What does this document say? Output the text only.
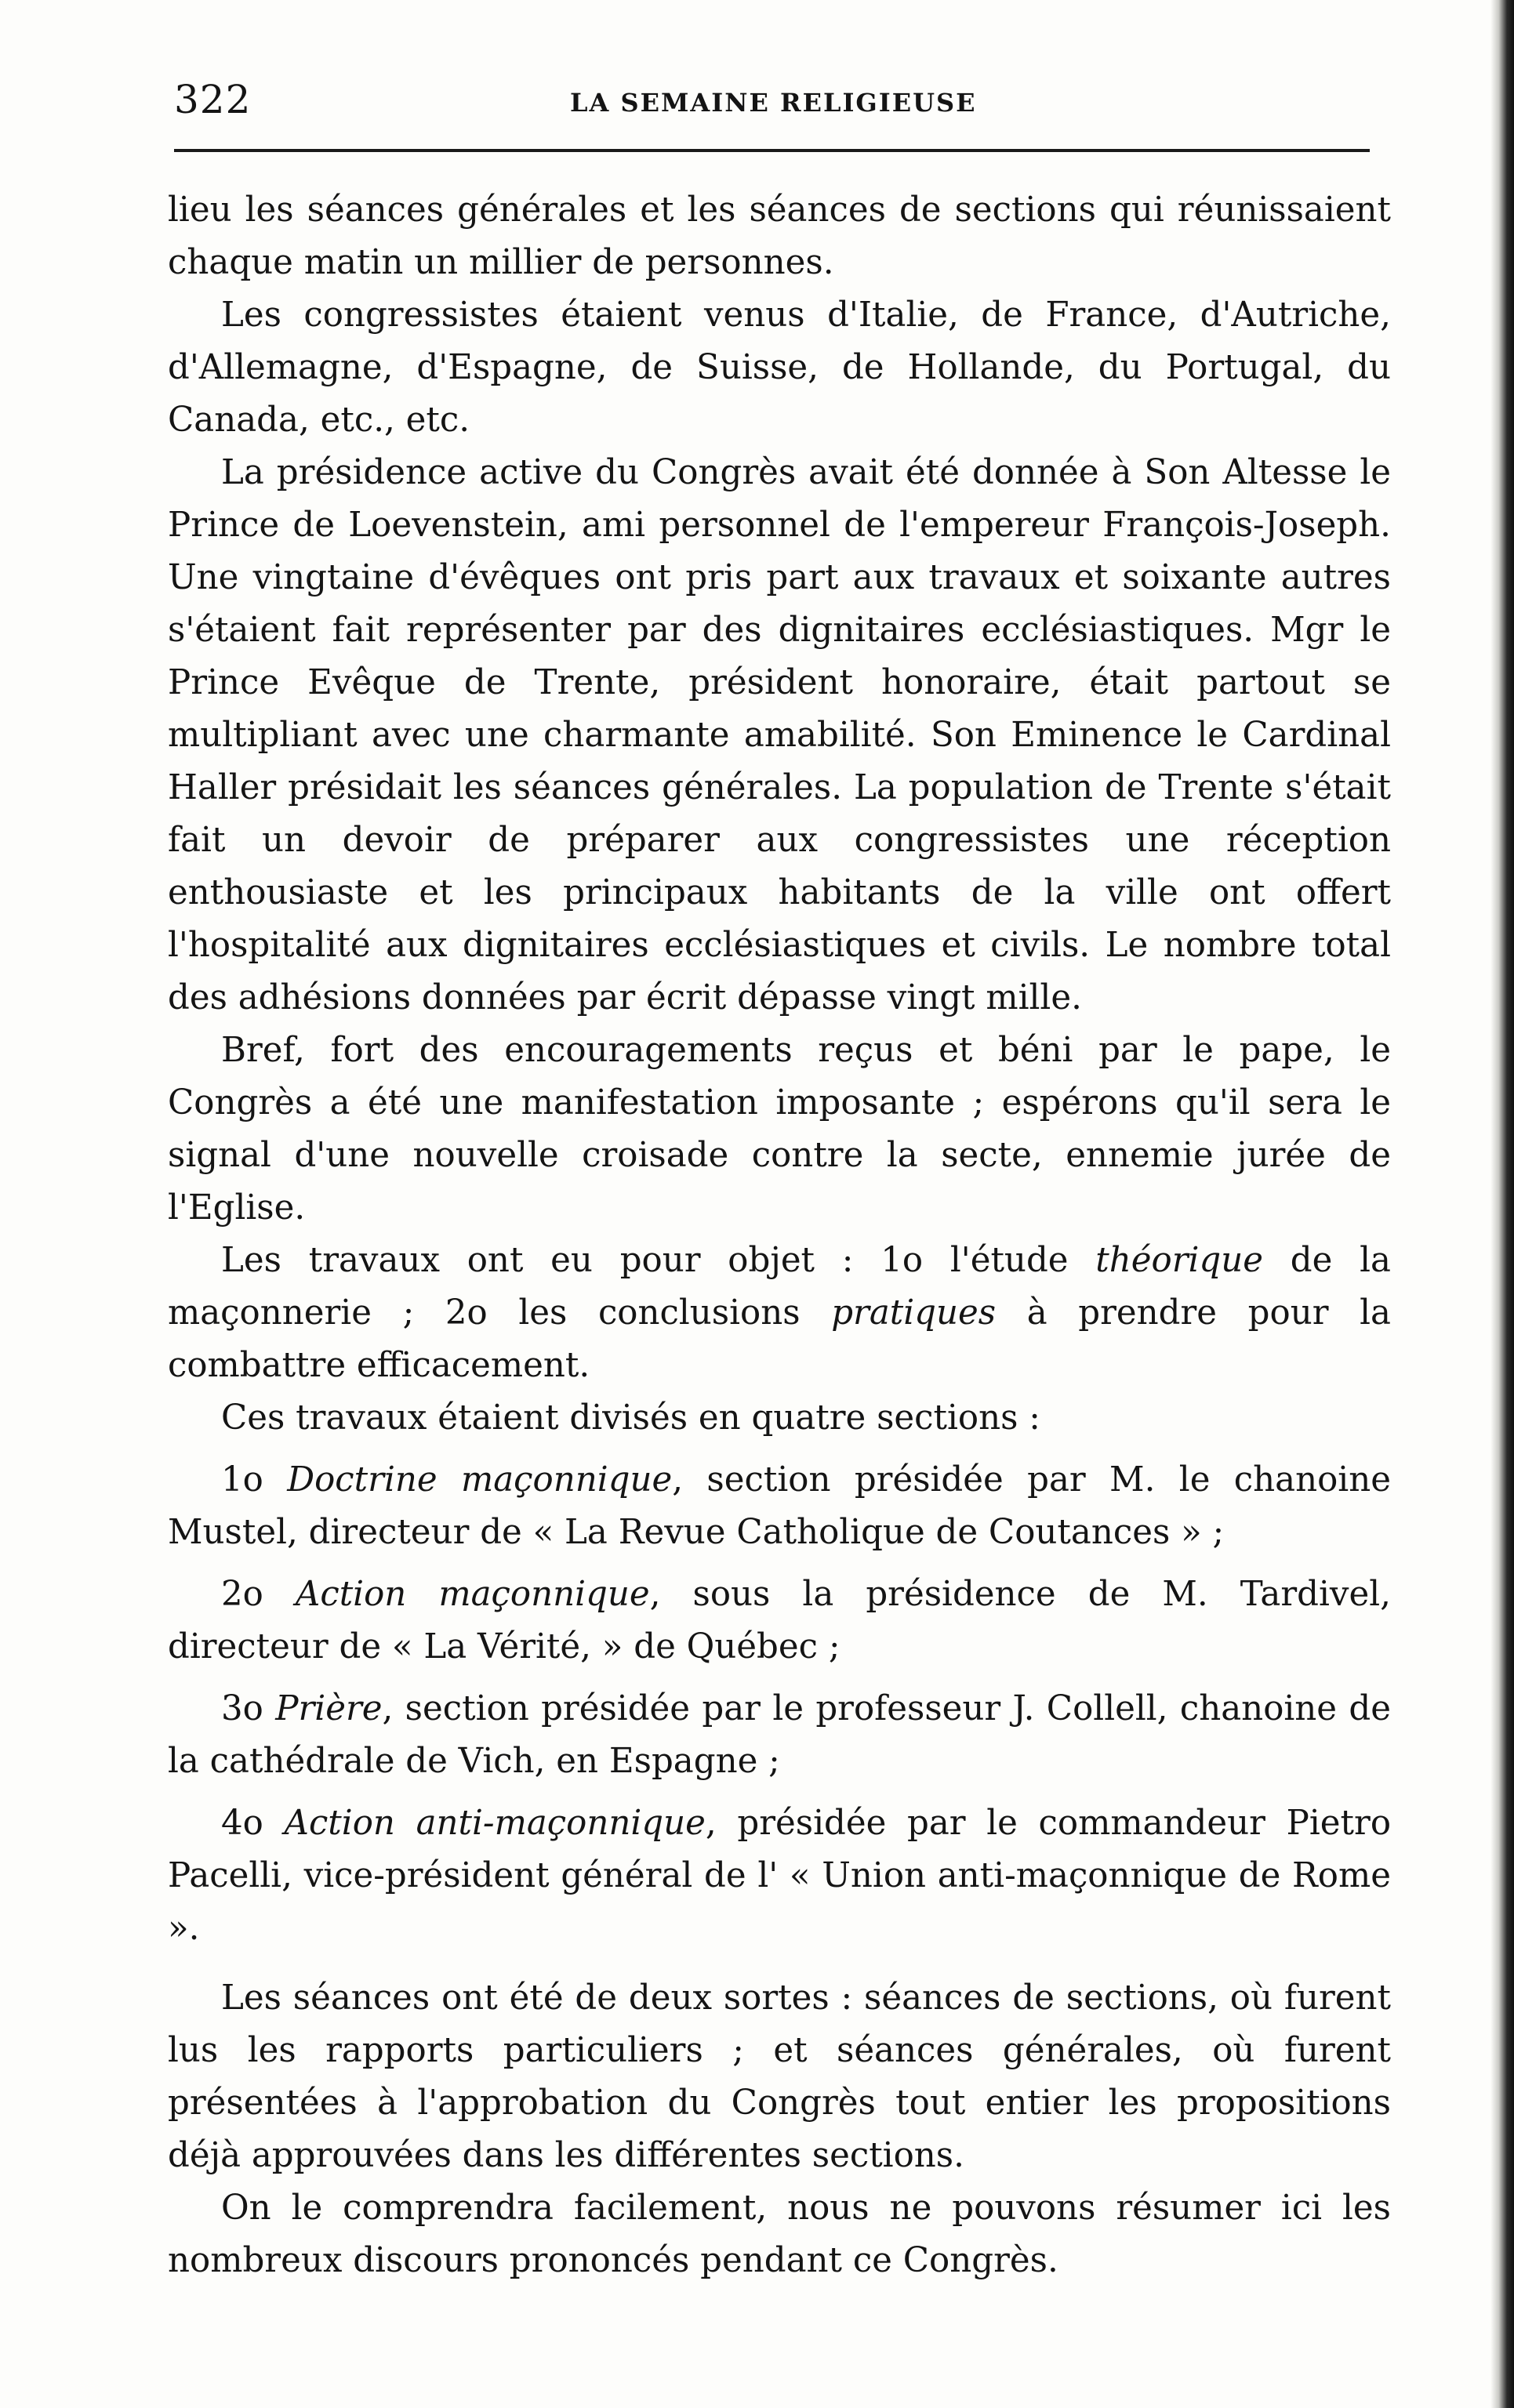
322	LA SEMAINE RELIGIEUSE

lieu les séances générales et les séances de sections qui réunissaient chaque matin un millier de personnes.

Les congressistes étaient venus d'Italie, de France, d'Autriche, d'Allemagne, d'Espagne, de Suisse, de Hollande, du Portugal, du Canada, etc., etc.

La présidence active du Congrès avait été donnée à Son Altesse le Prince de Loevenstein, ami personnel de l'empereur François-Joseph. Une vingtaine d'évêques ont pris part aux travaux et soixante autres s'étaient fait représenter par des dignitaires ecclésiastiques. Mgr le Prince Evêque de Trente, président honoraire, était partout se multipliant avec une charmante amabilité. Son Eminence le Cardinal Haller présidait les séances générales. La population de Trente s'était fait un devoir de préparer aux congressistes une réception enthousiaste et les principaux habitants de la ville ont offert l'hospitalité aux dignitaires ecclésiastiques et civils. Le nombre total des adhésions données par écrit dépasse vingt mille.

Bref, fort des encouragements reçus et béni par le pape, le Congrès a été une manifestation imposante ; espérons qu'il sera le signal d'une nouvelle croisade contre la secte, ennemie jurée de l'Eglise.

Les travaux ont eu pour objet : 1o l'étude théorique de la maçonnerie ; 2o les conclusions pratiques à prendre pour la combattre efficacement.

Ces travaux étaient divisés en quatre sections :

1o Doctrine maçonnique, section présidée par M. le chanoine Mustel, directeur de « La Revue Catholique de Coutances » ;

2o Action maçonnique, sous la présidence de M. Tardivel, directeur de « La Vérité, » de Québec ;

3o Prière, section présidée par le professeur J. Collell, chanoine de la cathédrale de Vich, en Espagne ;

4o Action anti-maçonnique, présidée par le commandeur Pietro Pacelli, vice-président général de l' « Union anti-maçonnique de Rome ».

Les séances ont été de deux sortes : séances de sections, où furent lus les rapports particuliers ; et séances générales, où furent présentées à l'approbation du Congrès tout entier les propositions déjà approuvées dans les différentes sections.

On le comprendra facilement, nous ne pouvons résumer ici les nombreux discours prononcés pendant ce Congrès.
